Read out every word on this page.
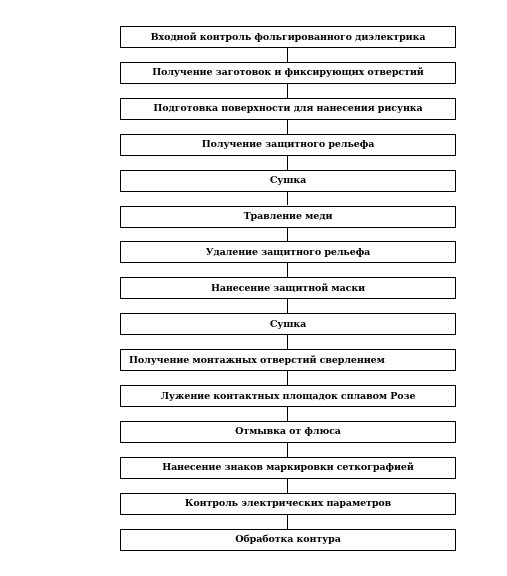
Входной контроль фольгированного диэлектрика
Получение заготовок и фиксирующих отверстий
Подготовка поверхности для нанесения рисунка
Получение защитного рельефа
Сушка
Травление меди
Удаление защитного рельефа
Нанесение защитной маски
Сушка
Получение монтажных отверстий сверлением
Лужение контактных площадок сплавом Розе
Отмывка от флюса
Нанесение знаков маркировки сеткографией
Контроль электрических параметров
Обработка контура
